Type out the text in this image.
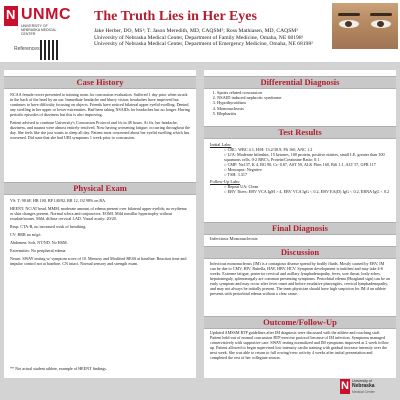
N UNMC
UNIVERSITY OF NEBRASKA MEDICAL CENTER
References
The Truth Lies in Her Eyes
Jake Herber, DO, MS¹; T. Jason Meredith, MD, CAQSM²; Ross Mathiasen, MD, CAQSM²
University of Nebraska Medical Center, Department of Family Medicine, Omaha, NE 68198¹
University of Nebraska Medical Center, Department of Emergency Medicine, Omaha, NE 68198²
Case History

NCAA female rower presented to training room for concussion evaluation. Suffered 1 day prior when struck in the back of the head by an oar. Immediate headache and blurry vision; headaches have improved but continues to have difficulty focusing on objects. Friends have noticed bilateral upper eyelid swelling. Denied any swelling in her upper or lower extremities. Had been taking NSAIDs for headaches but no longer. Having periodic episodes of dizziness but this is also improving.

Patient advised to continue University's Concussion Protocol and f/u in 48 hours. At f/u, her headache, dizziness, and nausea were almost entirely resolved. Now having worsening fatigue; occurring throughout the day. She feels like she just wants to sleep all day. Patient most concerned about her eyelid swelling which has worsened. Did state that she had URI symptoms 1 week prior to concussion.

Physical Exam

VS: T: 98.6F, HR 100, BP 140/92, RR 12, O2 98% on RA.

HEENT: NC/AT head, MMM, moderate amount of edema present over bilateral upper eyelids; no erythema or skin changes present. Normal sclera and conjunctiva. EOMI. Mild tonsillar hypertrophy without exudate/stones. Mild, diffuse cervical LAD. Visual acuity: 20/20.

Resp: CTA-B, no increased work of breathing.

CV: RRR no m/g/r.

Abdomen: Soft, NT/ND. No HSM.

Extremities: No peripheral edema.

Neuro: SWAY testing w/ symptom score of 10. Memory and Modified BESS at baseline. Reaction time and impulse control not at baseline. CN intact. Normal sensory and strength exam.

** Not actual student athlete, example of HEENT findings.
Differential Diagnosis
1. Sports related concussion
2. NSAID induced nephrotic syndrome
3. Hypothyroidism
4. Mononucleosis
5. Blepharitis
Test Results
Initial Labs:
○ CBC: WBC 4.1, H/H: 13.2/38.9, Plt 160, ANC 1.2
○ U/A: Moderate bilirubin, 15 ketones, 100 protein, positive nitrites, small LE, greater than 100 squamous cells, 0-2 RBC's, Protein/Creatinine Ratio: 0.1
○ CMP: Na137, K 4, BG 90, Cr: 0.67, AST 59, ALK Phos 160, Bili 1.1, ALT 57, GFR 117
○ Monospot: Negative
○ TSH: 3.317
Follow-Up Labs:
○ Repeat UA: Clean
○ EBV Titers: EBV VCA IgM > 4, EBV VCA IgG < 0.2, EBV EA(D) IgG < 0.2, EBNA IgG < 0.2
Final Diagnosis
Infectious Mononucleosis
Discussion
Infectious mononucleosis (IM) is a contagious disease spread by bodily fluids. Mostly caused by EBV, IM can be due to CMV, HIV, Rubella, HAV, HBV, HCV. Symptom development is indolent and may take 4-6 weeks. Extreme fatigue, posterior cervical and axillary lymphadenopathy, fever, sore throat, body aches, hepatomegaly, splenomegaly are common presenting symptoms. Periorbital edema (Hoagland sign) can be an early symptom and may occur after fever onset and before exudative pharyngitis, cervical lymphadenopathy, and may not always be initially present. The team physician should have high suspicion for IM if an athlete presents with periorbital edema without a clear cause.
Outcome/Follow-Up
Updated AMSSM RTP guidelines after IM diagnosis were discussed with the athlete and coaching staff. Patient held-out of normal concussion RTP exercise protocol because of IM infection. Symptoms managed conservatively with supportive care. SWAY testing normalized and IM symptoms improved at 2 week follow up. Patient allowed to begin supervised low intensity cardio training with gradual increase intensity over the next week. She was able to return to full rowing/crew activity 4 weeks after initial presentation and completed the rest of her collegiate season.
N University of
Nebraska
Medical Center
